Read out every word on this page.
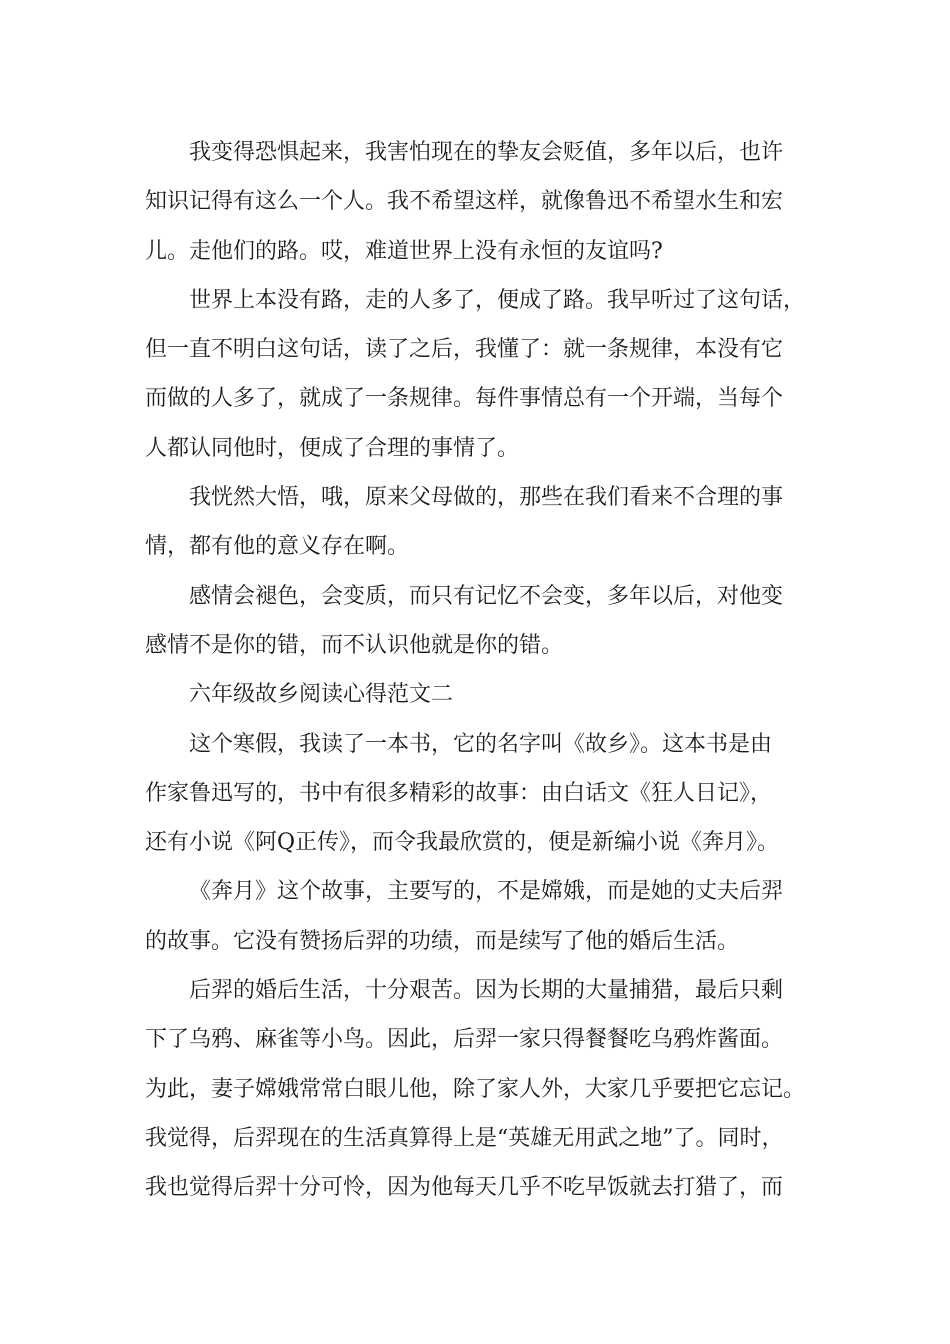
我变得恐惧起来，我害怕现在的挚友会贬值，多年以后，也许
知识记得有这么一个人。我不希望这样，就像鲁迅不希望水生和宏
儿。走他们的路。哎，难道世界上没有永恒的友谊吗?
世界上本没有路，走的人多了，便成了路。我早听过了这句话，
但一直不明白这句话，读了之后，我懂了：就一条规律，本没有它
而做的人多了，就成了一条规律。每件事情总有一个开端，当每个
人都认同他时，便成了合理的事情了。
我恍然大悟，哦，原来父母做的，那些在我们看来不合理的事
情，都有他的意义存在啊。
感情会褪色，会变质，而只有记忆不会变，多年以后，对他变
感情不是你的错，而不认识他就是你的错。
六年级故乡阅读心得范文二
这个寒假，我读了一本书，它的名字叫《故乡》。这本书是由
作家鲁迅写的，书中有很多精彩的故事：由白话文《狂人日记》，
还有小说《阿Q正传》，而令我最欣赏的，便是新编小说《奔月》。
《奔月》这个故事，主要写的，不是嫦娥，而是她的丈夫后羿
的故事。它没有赞扬后羿的功绩，而是续写了他的婚后生活。
后羿的婚后生活，十分艰苦。因为长期的大量捕猎，最后只剩
下了乌鸦、麻雀等小鸟。因此，后羿一家只得餐餐吃乌鸦炸酱面。
为此，妻子嫦娥常常白眼儿他，除了家人外，大家几乎要把它忘记。
我觉得，后羿现在的生活真算得上是“英雄无用武之地”了。同时，
我也觉得后羿十分可怜，因为他每天几乎不吃早饭就去打猎了，而
